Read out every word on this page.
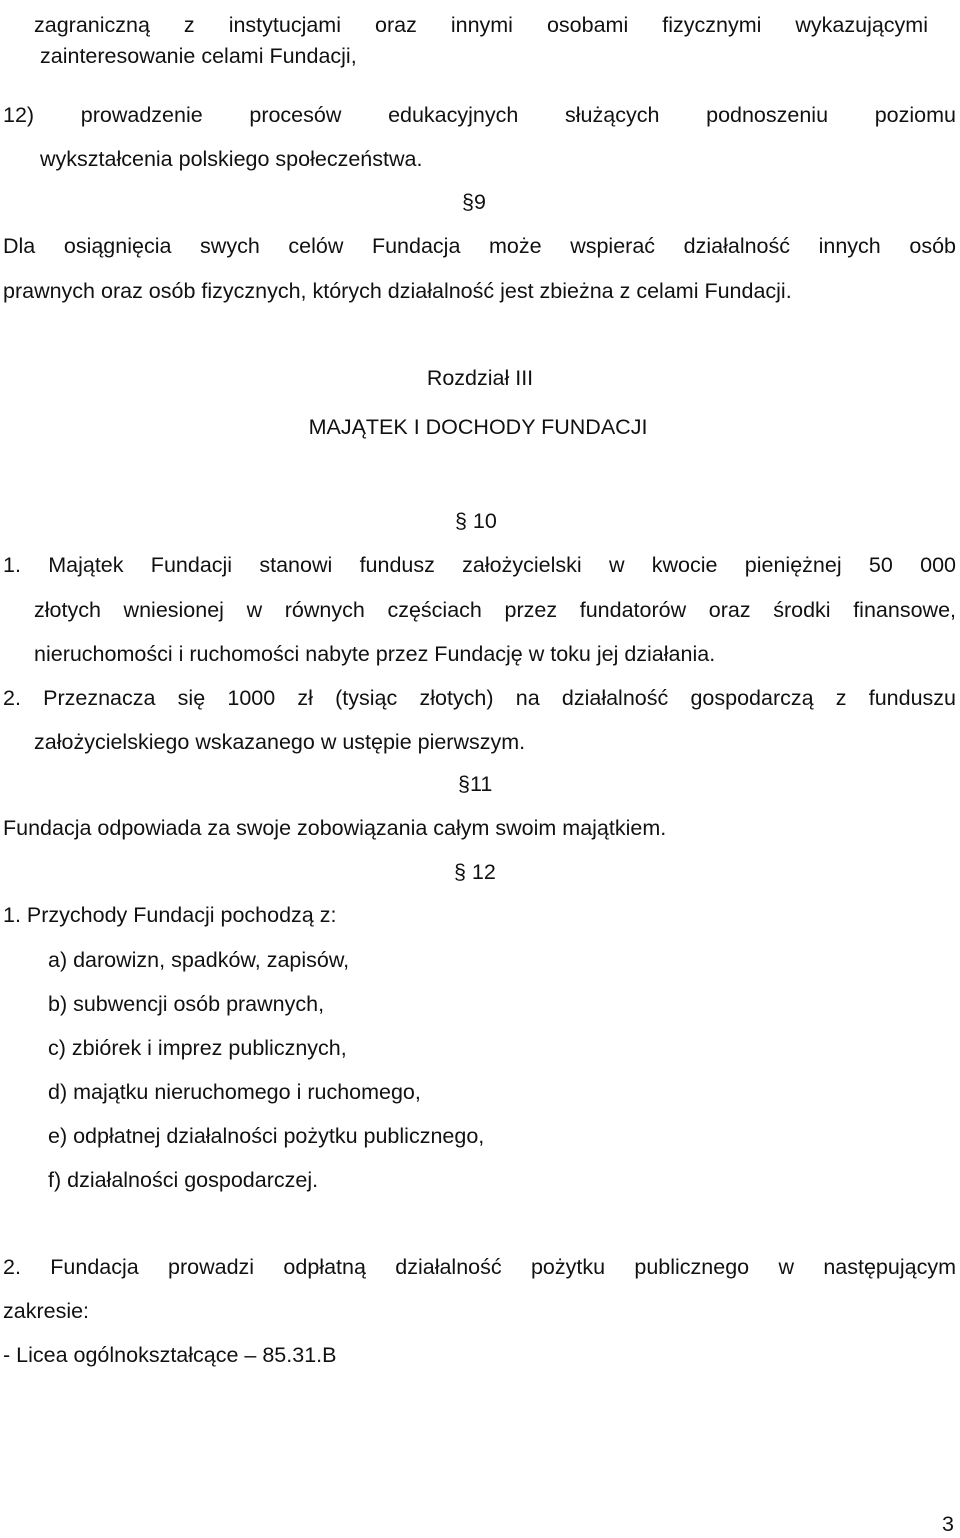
zagraniczną z instytucjami oraz innymi osobami fizycznymi wykazującymi
zainteresowanie celami Fundacji,
12) prowadzenie procesów edukacyjnych służących podnoszeniu poziomu
wykształcenia polskiego społeczeństwa.
§9
Dla osiągnięcia swych celów Fundacja może wspierać działalność innych osób
prawnych oraz osób fizycznych, których działalność jest zbieżna z celami Fundacji.
Rozdział III
MAJĄTEK I DOCHODY FUNDACJI
§ 10
1. Majątek Fundacji stanowi fundusz założycielski w kwocie pieniężnej 50 000
złotych wniesionej w równych częściach przez fundatorów oraz środki finansowe,
nieruchomości i ruchomości nabyte przez Fundację w toku jej działania.
2. Przeznacza się 1000 zł (tysiąc złotych) na działalność gospodarczą z funduszu
założycielskiego wskazanego w ustępie pierwszym.
§11
Fundacja odpowiada za swoje zobowiązania całym swoim majątkiem.
§ 12
1. Przychody Fundacji pochodzą z:
a) darowizn, spadków, zapisów,
b) subwencji osób prawnych,
c) zbiórek i imprez publicznych,
d) majątku nieruchomego i ruchomego,
e) odpłatnej działalności pożytku publicznego,
f) działalności gospodarczej.
2. Fundacja prowadzi odpłatną działalność pożytku publicznego w następującym
zakresie:
- Licea ogólnokształcące – 85.31.B
3
